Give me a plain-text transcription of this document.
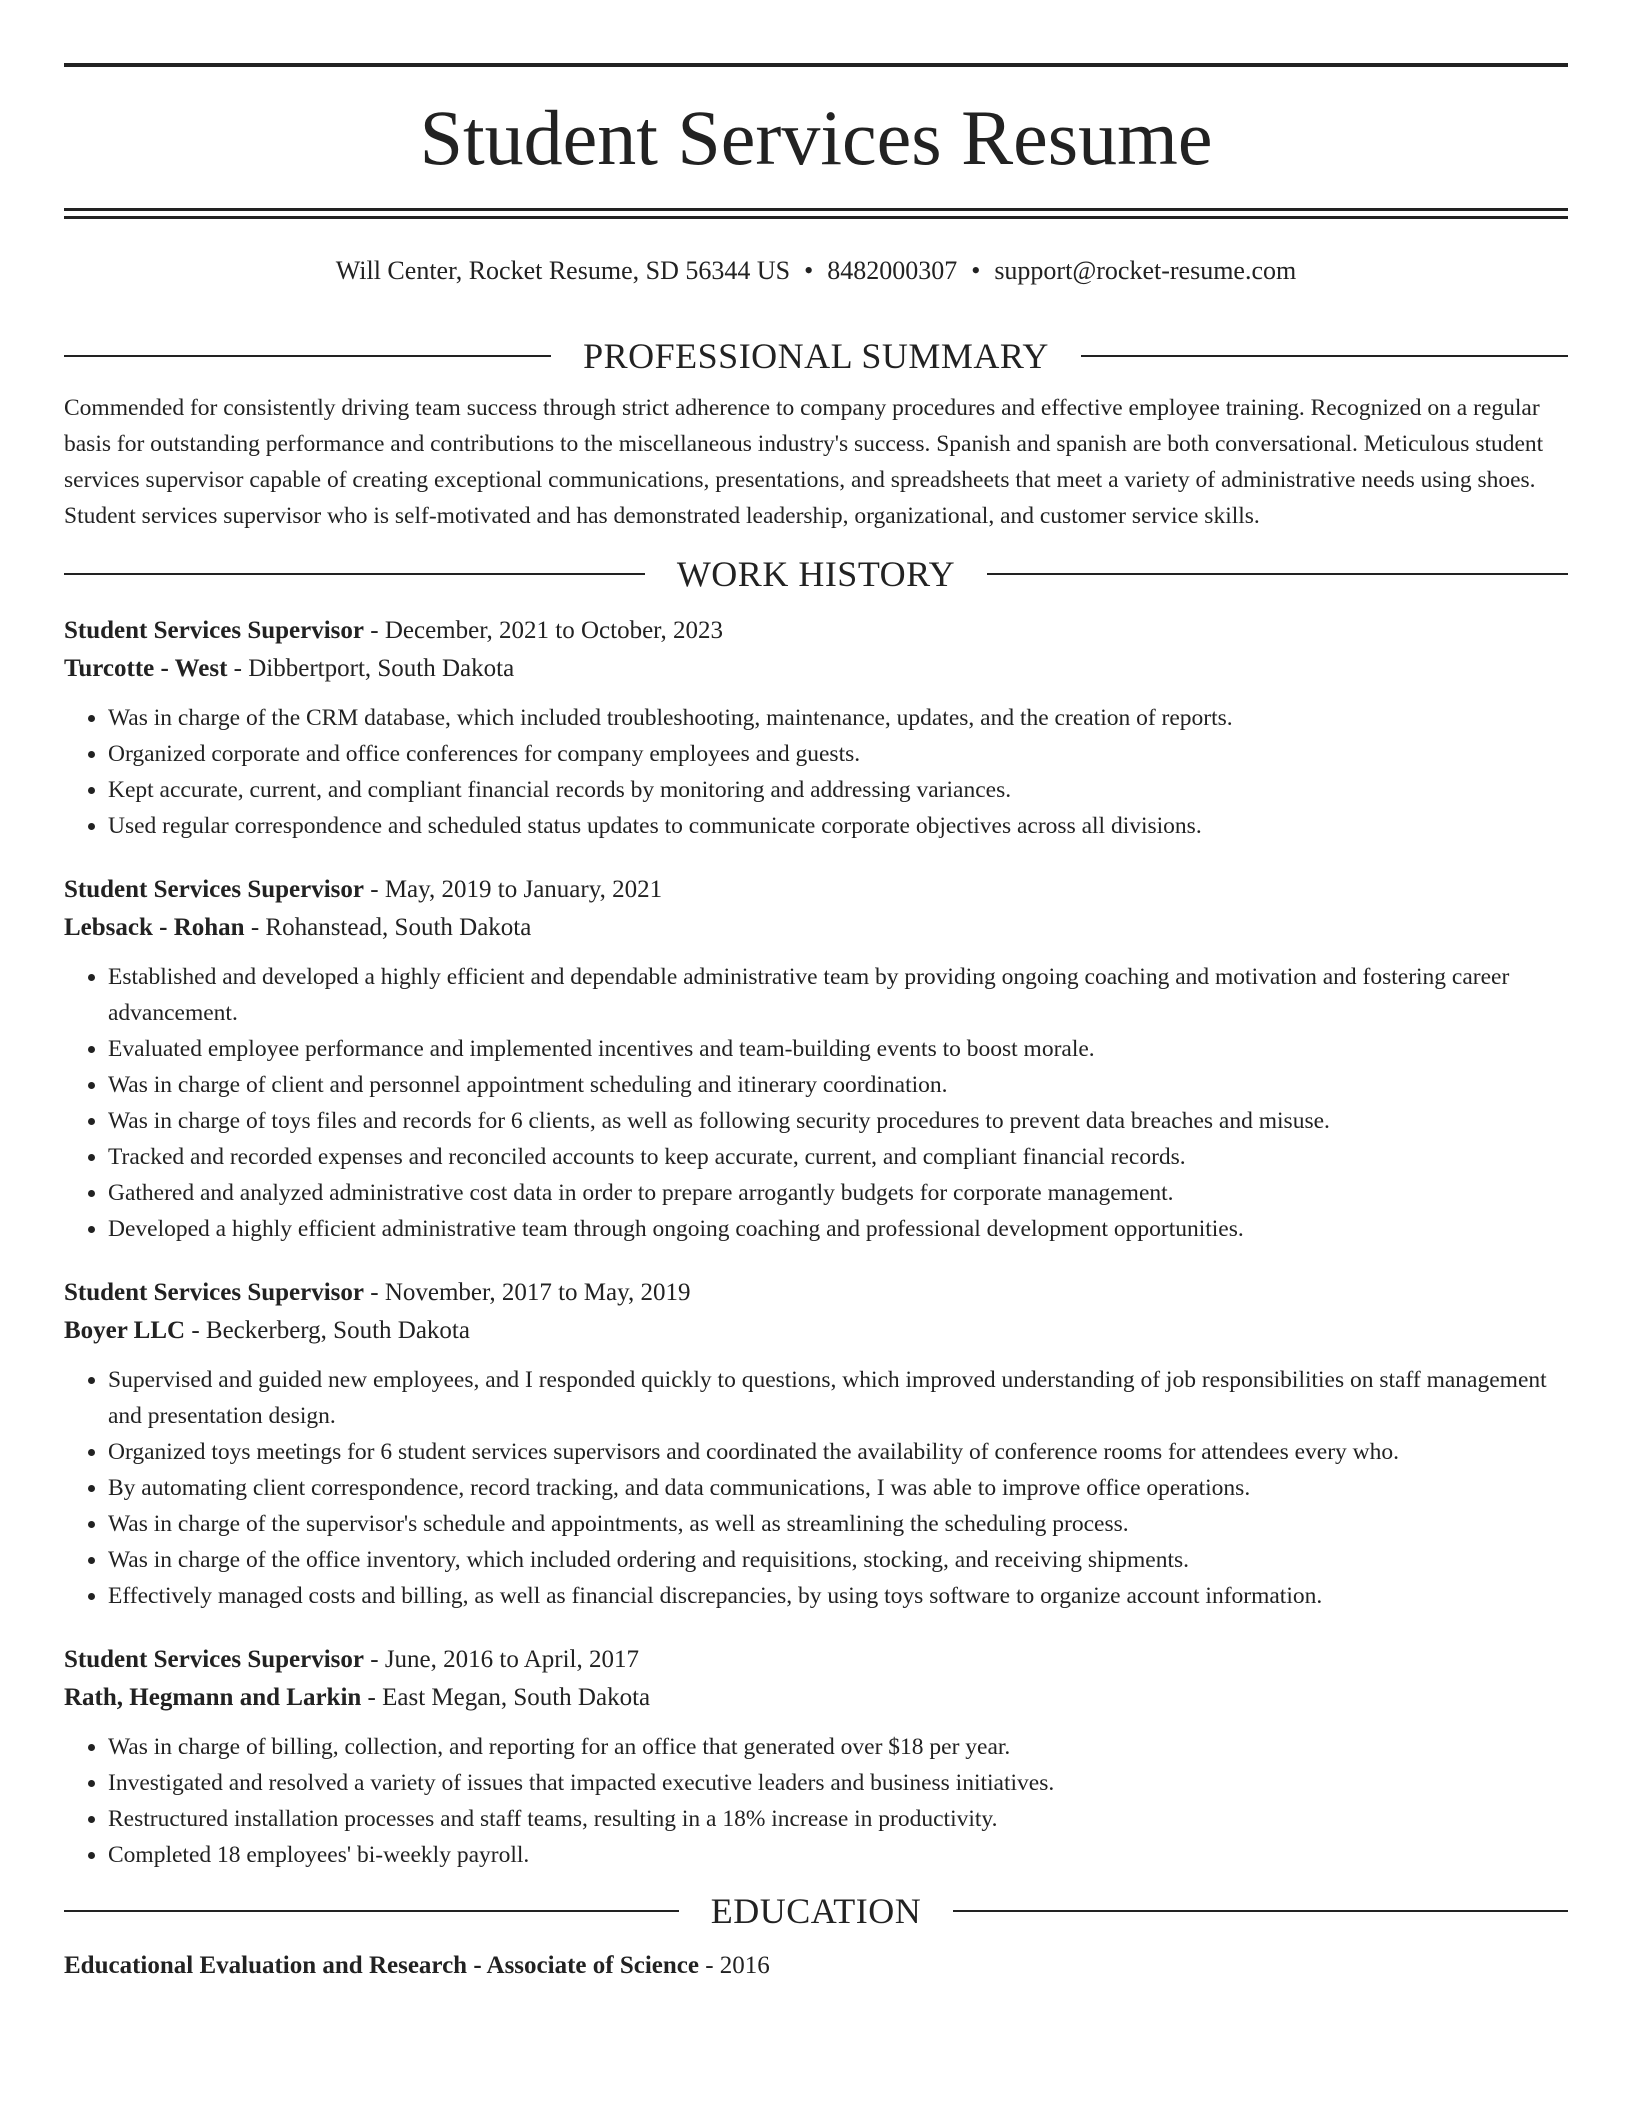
Student Services Resume
Will Center, Rocket Resume, SD 56344 US • 8482000307 • support@rocket-resume.com
PROFESSIONAL SUMMARY

Commended for consistently driving team success through strict adherence to company procedures and effective employee training. Recognized on a regular basis for outstanding performance and contributions to the miscellaneous industry's success. Spanish and spanish are both conversational. Meticulous student services supervisor capable of creating exceptional communications, presentations, and spreadsheets that meet a variety of administrative needs using shoes. Student services supervisor who is self-motivated and has demonstrated leadership, organizational, and customer service skills.

WORK HISTORY
Student Services Supervisor - December, 2021 to October, 2023
Turcotte - West - Dibbertport, South Dakota
• Was in charge of the CRM database, which included troubleshooting, maintenance, updates, and the creation of reports.
• Organized corporate and office conferences for company employees and guests.
• Kept accurate, current, and compliant financial records by monitoring and addressing variances.
• Used regular correspondence and scheduled status updates to communicate corporate objectives across all divisions.
Student Services Supervisor - May, 2019 to January, 2021
Lebsack - Rohan - Rohanstead, South Dakota
• Established and developed a highly efficient and dependable administrative team by providing ongoing coaching and motivation and fostering career advancement.
• Evaluated employee performance and implemented incentives and team-building events to boost morale.
• Was in charge of client and personnel appointment scheduling and itinerary coordination.
• Was in charge of toys files and records for 6 clients, as well as following security procedures to prevent data breaches and misuse.
• Tracked and recorded expenses and reconciled accounts to keep accurate, current, and compliant financial records.
• Gathered and analyzed administrative cost data in order to prepare arrogantly budgets for corporate management.
• Developed a highly efficient administrative team through ongoing coaching and professional development opportunities.
Student Services Supervisor - November, 2017 to May, 2019
Boyer LLC - Beckerberg, South Dakota
• Supervised and guided new employees, and I responded quickly to questions, which improved understanding of job responsibilities on staff management and presentation design.
• Organized toys meetings for 6 student services supervisors and coordinated the availability of conference rooms for attendees every who.
• By automating client correspondence, record tracking, and data communications, I was able to improve office operations.
• Was in charge of the supervisor's schedule and appointments, as well as streamlining the scheduling process.
• Was in charge of the office inventory, which included ordering and requisitions, stocking, and receiving shipments.
• Effectively managed costs and billing, as well as financial discrepancies, by using toys software to organize account information.
Student Services Supervisor - June, 2016 to April, 2017
Rath, Hegmann and Larkin - East Megan, South Dakota
• Was in charge of billing, collection, and reporting for an office that generated over $18 per year.
• Investigated and resolved a variety of issues that impacted executive leaders and business initiatives.
• Restructured installation processes and staff teams, resulting in a 18% increase in productivity.
• Completed 18 employees' bi-weekly payroll.
EDUCATION
Educational Evaluation and Research - Associate of Science - 2016
